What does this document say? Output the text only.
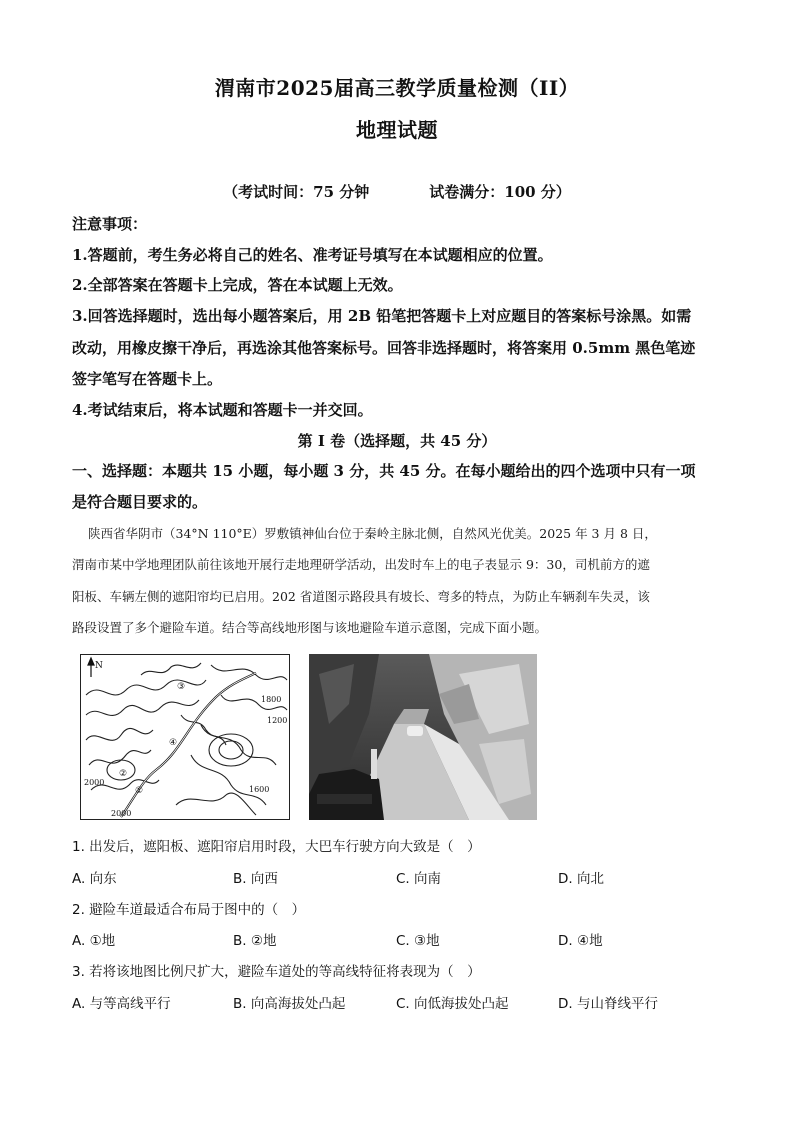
渭南市2025届高三教学质量检测（II）
地理试题
（考试时间：75 分钟　　　　试卷满分：100 分）
注意事项：
1.答题前，考生务必将自己的姓名、准考证号填写在本试题相应的位置。
2.全部答案在答题卡上完成，答在本试题上无效。
3.回答选择题时，选出每小题答案后，用 2B 铅笔把答题卡上对应题目的答案标号涂黑。如需
改动，用橡皮擦干净后，再选涂其他答案标号。回答非选择题时，将答案用 0.5mm 黑色笔迹
签字笔写在答题卡上。
4.考试结束后，将本试题和答题卡一并交回。
第 I 卷（选择题，共 45 分）
一、选择题：本题共 15 小题，每小题 3 分，共 45 分。在每小题给出的四个选项中只有一项
是符合题目要求的。
陕西省华阴市（34°N 110°E）罗敷镇神仙台位于秦岭主脉北侧，自然风光优美。2025 年 3 月 8 日，
渭南市某中学地理团队前往该地开展行走地理研学活动，出发时车上的电子表显示 9：30，司机前方的遮
阳板、车辆左侧的遮阳帘均已启用。202 省道图示路段具有坡长、弯多的特点，为防止车辆刹车失灵，该
路段设置了多个避险车道。结合等高线地形图与该地避险车道示意图，完成下面小题。
N
1800
1200
2000
1600
2000
①
②
③
④
1. 出发后，遮阳板、遮阳帘启用时段，大巴车行驶方向大致是（　）
A. 向东	B. 向西	C. 向南	D. 向北
2. 避险车道最适合布局于图中的（　）
A. ①地	B. ②地	C. ③地	D. ④地
3. 若将该地图比例尺扩大，避险车道处的等高线特征将表现为（　）
A. 与等高线平行	B. 向高海拔处凸起	C. 向低海拔处凸起	D. 与山脊线平行
